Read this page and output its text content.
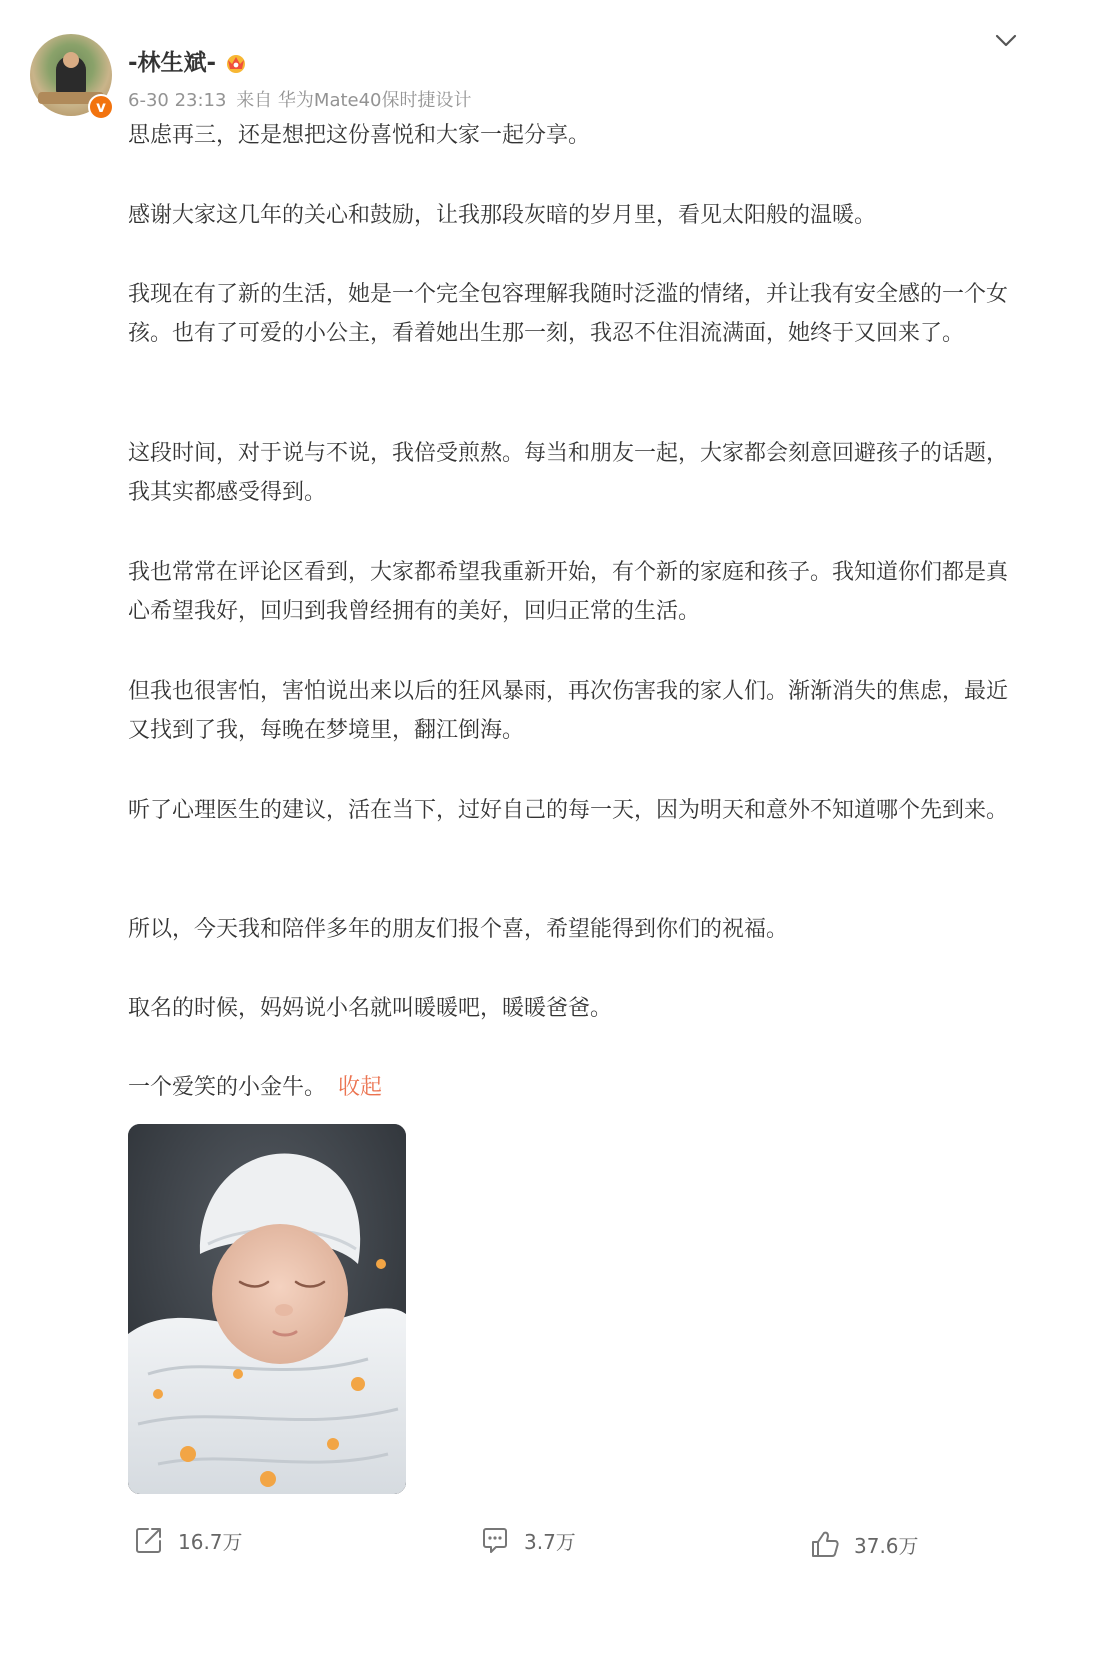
v
-林生斌-
6-30 23:13 来自 华为Mate40保时捷设计

思虑再三，还是想把这份喜悦和大家一起分享。

感谢大家这几年的关心和鼓励，让我那段灰暗的岁月里，看见太阳般的温暖。

我现在有了新的生活，她是一个完全包容理解我随时泛滥的情绪，并让我有安全感的一个女孩。也有了可爱的小公主，看着她出生那一刻，我忍不住泪流满面，她终于又回来了。

这段时间，对于说与不说，我倍受煎熬。每当和朋友一起，大家都会刻意回避孩子的话题，我其实都感受得到。

我也常常在评论区看到，大家都希望我重新开始，有个新的家庭和孩子。我知道你们都是真心希望我好，回归到我曾经拥有的美好，回归正常的生活。

但我也很害怕，害怕说出来以后的狂风暴雨，再次伤害我的家人们。渐渐消失的焦虑，最近又找到了我，每晚在梦境里，翻江倒海。

听了心理医生的建议，活在当下，过好自己的每一天，因为明天和意外不知道哪个先到来。

所以，今天我和陪伴多年的朋友们报个喜，希望能得到你们的祝福。

取名的时候，妈妈说小名就叫暖暖吧，暖暖爸爸。

一个爱笑的小金牛。 收起

16.7万	3.7万	37.6万
